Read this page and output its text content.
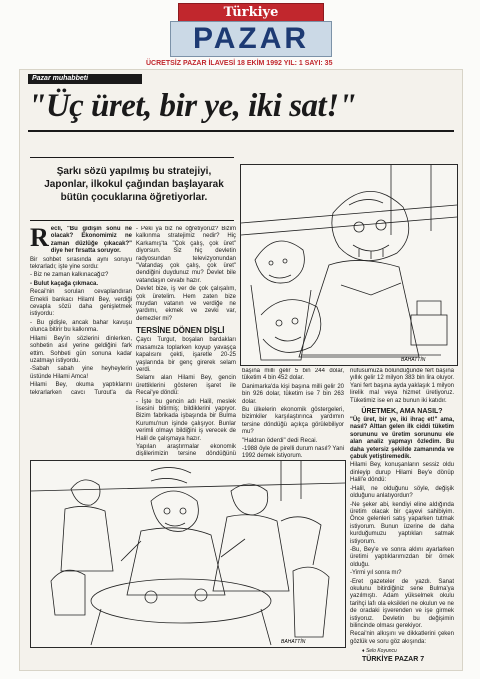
Türkiye
PAZAR
ÜCRETSİZ PAZAR İLAVESİ 18 EKİM 1992 YIL: 1 SAYI: 35
Pazar muhabbeti
"Üç üret, bir ye, iki sat!"
Şarkı sözü yapılmış bu stratejiyi, Japonlar, ilkokul çağından başlayarak bütün çocuklarına öğretiyorlar.
BAHATTİN

Recli, "Bu gidişin sonu ne olacak? Ekonomimiz ne zaman düzlüğe çıkacak?" diye her fırsatta soruyor.

Bir sohbet sırasında aynı soruyu tekrarladı; işte yine sordu:

- Biz ne zaman kalkınacağız?

- Bulut kaçağa çıkmaca.

Recai'nin soruları cevaplandıran Emekli bankacı Hilaml Bey, verdiği cevapla sözü daha genişletmek istiyordu:

- Bu gidişle, ancak bahar kavuşu olunca bitirir bu kalkınma.

Hilami Bey'in sözlerini dinlerken, sohbetin asıl yerine geldiğini fark ettim. Sohbeti gün sonuna kadar uzatmayı istiyordu.

-Sabah sabah yine heyheylerin üstünde Hilami Amca!

Hilami Bey, okuma yaptıklarını tekrarlarken çaycı Turgut'a da

- Peki ya biz ne öğretiyoruz? Bizim kalkınma stratejimiz nedir? Hiç Karkamış'ta "Çok çalış, çok üret" diyorsun. Siz hiç devletin radyosundan televizyonundan "Vatandaş çok çalış, çok üret" dendiğini duydunuz mu? Devlet bile vatandaşın cevabı hazır.

Devlet bize, iş ver de çok çalışalım, çok üretelim. Hem zaten bize muydan vatanın ve verdiğe ne yardımı, ekmek ve zevki var, demezler mi?

TERSİNE DÖNEN DİŞLİ

Çaycı Turgut, boşalan bardakları masamıza toplarken koyup yavaşça kapalısını çekti, işaretle 20-25 yaşlarında bir genç girerek selam verdi.

Selamı alan Hilami Bey, gencin ürettiklerini gösteren işaret ile Recai'ye döndü:

- İşte bu gencin adı Halil, meslek lisesini bitirmiş; bildiklerini yapıyor. Bizim fabrikada işbaşında bir Bulma Kurumu'nun işinde çalışıyor. Bunlar verimli olmayı bildiğini iş verecek de Halil de çalışmaya hazır.

Yapılan araştırmalar ekonomik dişlilerimizin tersine döndüğünü

başına milli gelir 5 bin 244 dolar, tüketim 4 bin 452 dolar.

Danimarka'da kişi başına milli gelir 20 bin 926 dolar, tüketim ise 7 bin 263 dolar.

Bu ülkelerin ekonomik göstergeleri, bizimkiler karşılaştırınca yardımın tersine döndüğü açıkça görülebiliyor mu?

"Haldran öderdi" dedi Recai.

-1988 öyle de pirelli durum nasıl? Yani 1992 demek istiyorum.

nüfusumuza bölündüğünde fert başına yıllık gelir 12 milyon 383 bin lira oluyor. Yani fert başına ayda yaklaşık 1 milyon lirelik mal veya hizmet üretiyoruz. Tüketimiz ise en az bunun iki katıdır.

ÜRETMEK, AMA NASIL?

"Üç üret, bir ye, iki ihraç et!" ama, nasıl? Alttan gelen ilk ciddi tüketim sorununu ve üretim sorununu ele alan analiz yapmayı özledim. Bu daha yetersiz şekilde zamanında ve çabuk yetiştiremedik.

Hilami Bey, konuşanların sessiz oldu dinleyip durup Hilami Bey'e dönüp Halil'e döndü:

-Halil, ne olduğunu söyle, değişik olduğunu anlatıyordun?

-Ne şeker abi, kendiyi eline aldığında üretim olacak bir çayevi sahibiyim. Önce gelenleri satış yaparken tutmak istiyorum. Bunun üzerine de daha kurduğumuzu yaptıkları satmak istiyorum.

-Bu, Bey'e ve sonra aklını ayarlarken üretimi yaptıklarımızdan bir örnek olduğu.

-Yirmi yıl sonra mı?

-Eret gazeteler de yazdı. Sanat okulunu bitirdiğiniz sene Bulma'ya yazılmıştı. Adam yükselmek okulu tarihçi lafı ola eksikleri ne okulun ve ne de oradaki işverenden ve işe girmek istiyoruz. Devletin bu değişimin bilincinde olması gerekiyor.

Recai'nin alkışını ve dikkatlerini çeken gözlük ve soru göz akışında:

BAHATTİN
♦ Selo Koyuncu
TÜRKİYE PAZAR 7
